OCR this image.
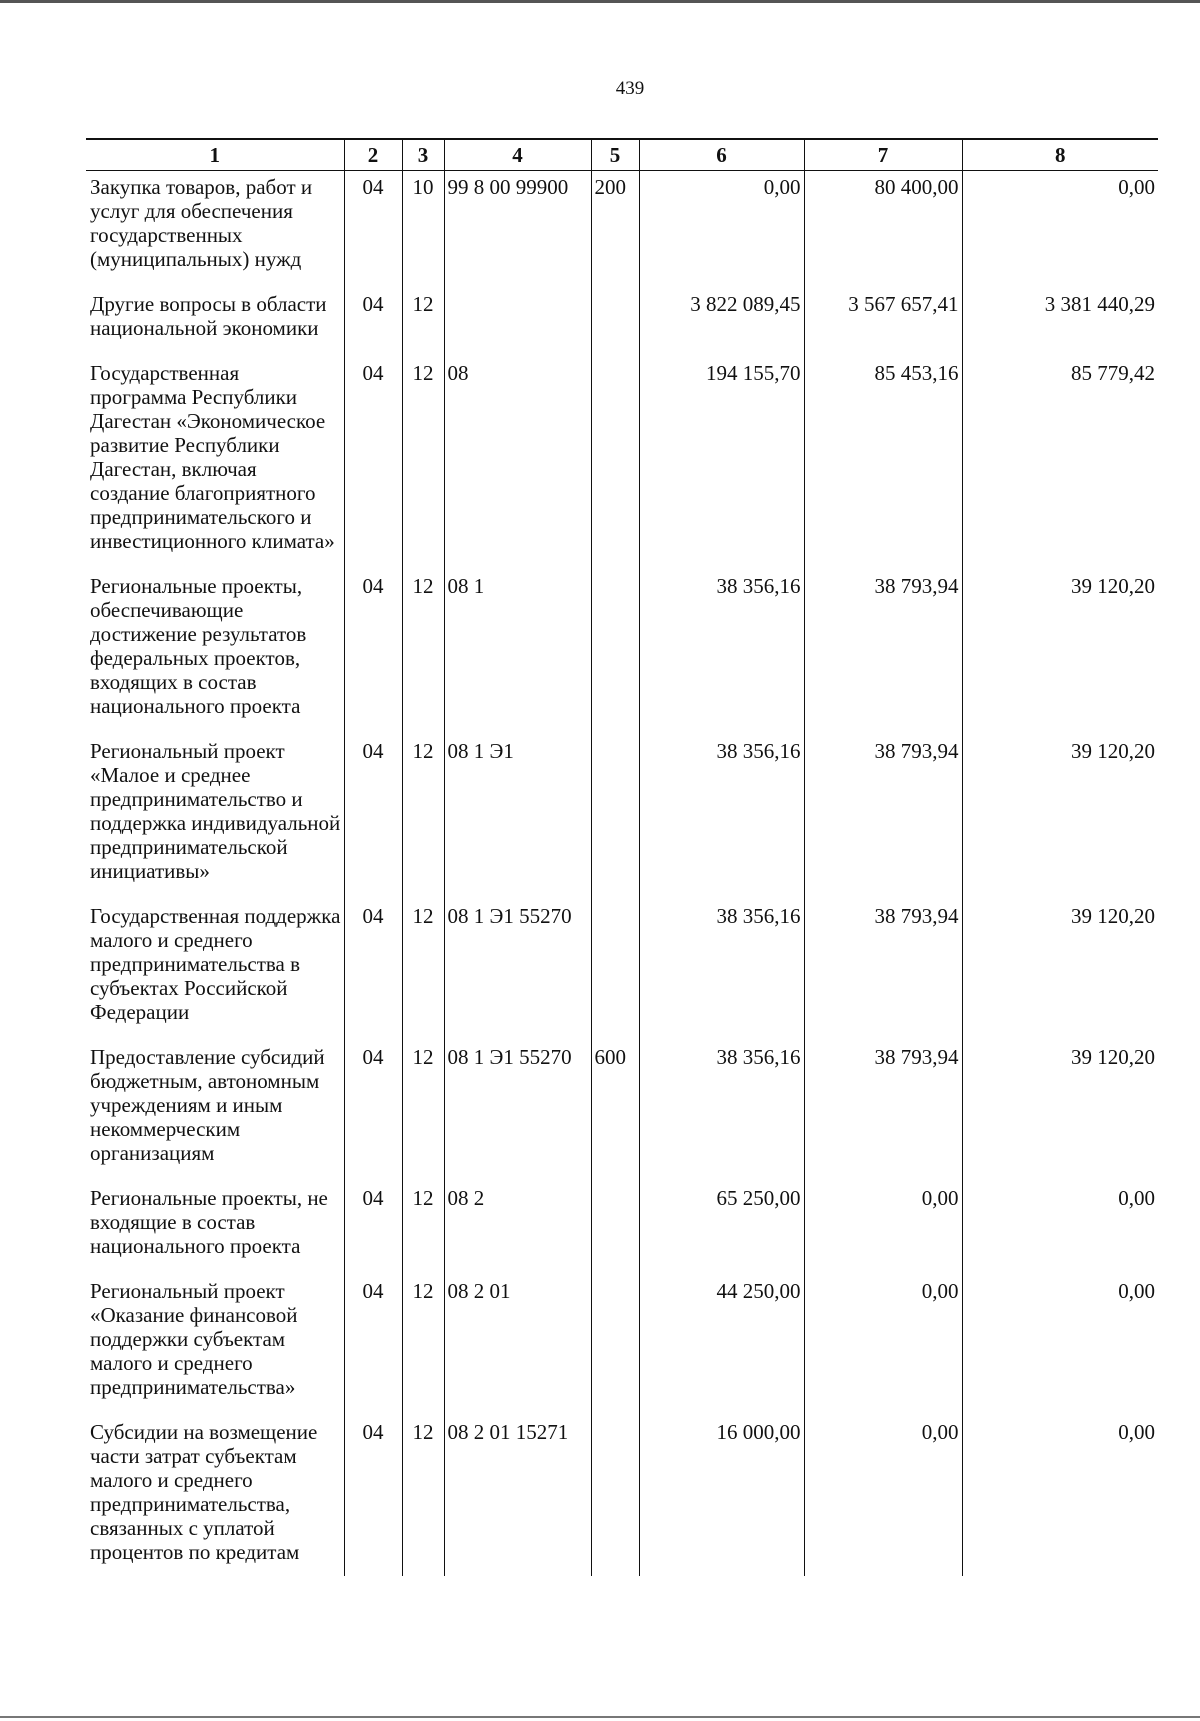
439
1	2	3	4	5	6	7	8
Закупка товаров, работ и услуг для обеспечения государственных (муниципальных) нужд	04	10	99 8 00 99900	200	0,00	80 400,00	0,00
Другие вопросы в области национальной экономики	04	12			3 822 089,45	3 567 657,41	3 381 440,29
Государственная программа Республики Дагестан «Экономическое развитие Республики Дагестан, включая создание благоприятного предпринимательского и инвестиционного климата»	04	12	08		194 155,70	85 453,16	85 779,42
Региональные проекты, обеспечивающие достижение результатов федеральных проектов, входящих в состав национального проекта	04	12	08 1		38 356,16	38 793,94	39 120,20
Региональный проект «Малое и среднее предпринимательство и поддержка индивидуальной предпринимательской инициативы»	04	12	08 1 Э1		38 356,16	38 793,94	39 120,20
Государственная поддержка малого и среднего предпринимательства в субъектах Российской Федерации	04	12	08 1 Э1 55270		38 356,16	38 793,94	39 120,20
Предоставление субсидий бюджетным, автономным учреждениям и иным некоммерческим организациям	04	12	08 1 Э1 55270	600	38 356,16	38 793,94	39 120,20
Региональные проекты, не входящие в состав национального проекта	04	12	08 2		65 250,00	0,00	0,00
Региональный проект «Оказание финансовой поддержки субъектам малого и среднего предпринимательства»	04	12	08 2 01		44 250,00	0,00	0,00
Субсидии на возмещение части затрат субъектам малого и среднего предпринимательства, связанных с уплатой процентов по кредитам	04	12	08 2 01 15271		16 000,00	0,00	0,00
